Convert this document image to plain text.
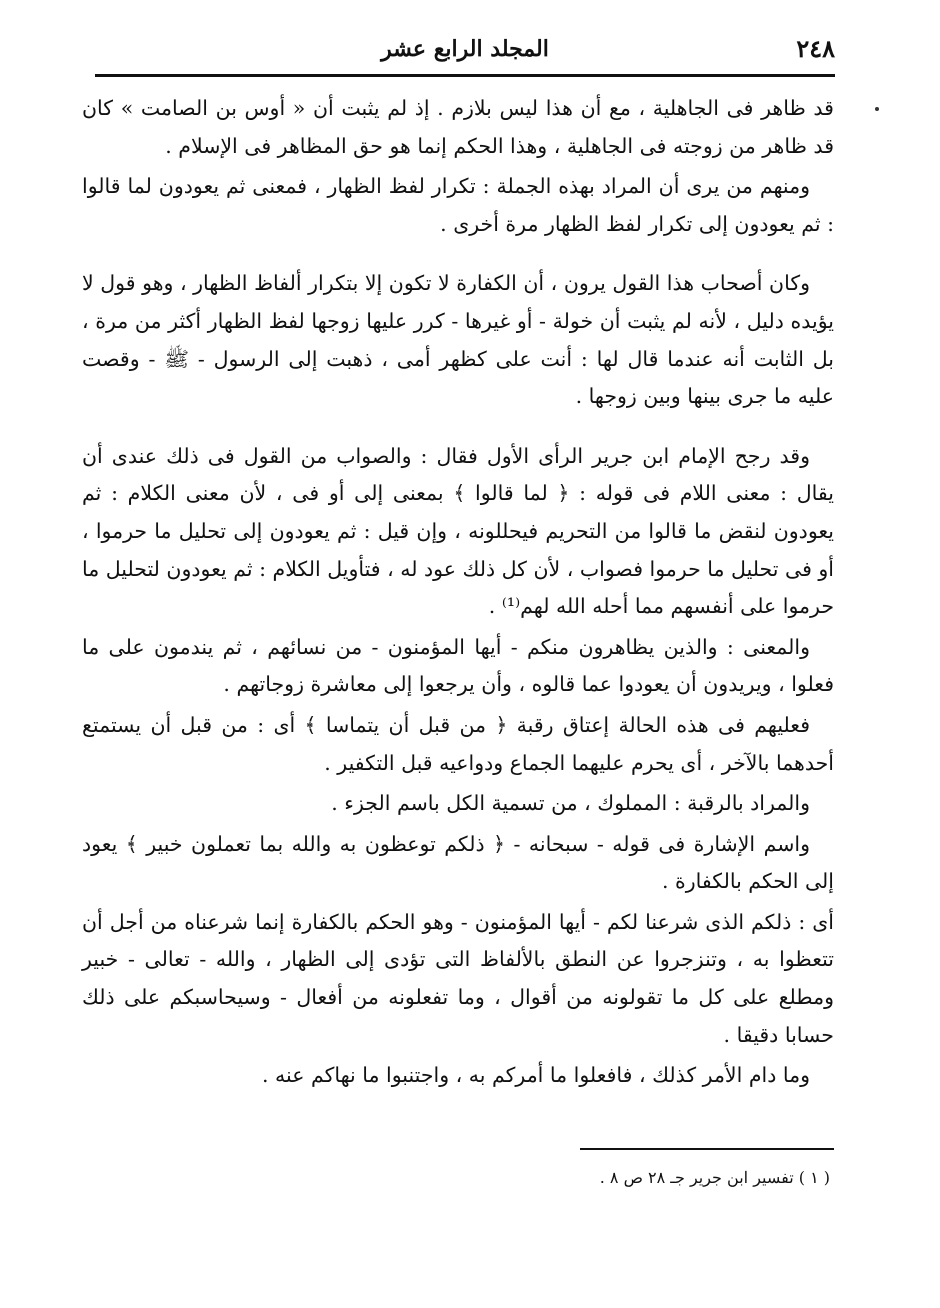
٢٤٨
المجلد الرابع عشر

قد ظاهر فى الجاهلية ، مع أن هذا ليس بلازم . إذ لم يثبت أن « أوس بن الصامت » كان قد ظاهر من زوجته فى الجاهلية ، وهذا الحكم إنما هو حق المظاهر فى الإسلام .

ومنهم من يرى أن المراد بهذه الجملة : تكرار لفظ الظهار ، فمعنى ثم يعودون لما قالوا : ثم يعودون إلى تكرار لفظ الظهار مرة أخرى .

وكان أصحاب هذا القول يرون ، أن الكفارة لا تكون إلا بتكرار ألفاظ الظهار ، وهو قول لا يؤيده دليل ، لأنه لم يثبت أن خولة - أو غيرها - كرر عليها زوجها لفظ الظهار أكثر من مرة ، بل الثابت أنه عندما قال لها : أنت على كظهر أمى ، ذهبت إلى الرسول - ﷺ - وقصت عليه ما جرى بينها وبين زوجها .

وقد رجح الإمام ابن جرير الرأى الأول فقال : والصواب من القول فى ذلك عندى أن يقال : معنى اللام فى قوله : ﴿ لما قالوا ﴾ بمعنى إلى أو فى ، لأن معنى الكلام : ثم يعودون لنقض ما قالوا من التحريم فيحللونه ، وإن قيل : ثم يعودون إلى تحليل ما حرموا ، أو فى تحليل ما حرموا فصواب ، لأن كل ذلك عود له ، فتأويل الكلام : ثم يعودون لتحليل ما حرموا على أنفسهم مما أحله الله لهم⁽¹⁾ .

والمعنى : والذين يظاهرون منكم - أيها المؤمنون - من نسائهم ، ثم يندمون على ما فعلوا ، ويريدون أن يعودوا عما قالوه ، وأن يرجعوا إلى معاشرة زوجاتهم .

فعليهم فى هذه الحالة إعتاق رقبة ﴿ من قبل أن يتماسا ﴾ أى : من قبل أن يستمتع أحدهما بالآخر ، أى يحرم عليهما الجماع ودواعيه قبل التكفير .

والمراد بالرقبة : المملوك ، من تسمية الكل باسم الجزء .

واسم الإشارة فى قوله - سبحانه - ﴿ ذلكم توعظون به والله بما تعملون خبير ﴾ يعود إلى الحكم بالكفارة .

أى : ذلكم الذى شرعنا لكم - أيها المؤمنون - وهو الحكم بالكفارة إنما شرعناه من أجل أن تتعظوا به ، وتنزجروا عن النطق بالألفاظ التى تؤدى إلى الظهار ، والله - تعالى - خبير ومطلع على كل ما تقولونه من أقوال ، وما تفعلونه من أفعال - وسيحاسبكم على ذلك حسابا دقيقا .

وما دام الأمر كذلك ، فافعلوا ما أمركم به ، واجتنبوا ما نهاكم عنه .

( ١ ) تفسير ابن جرير جـ ٢٨ ص ٨ .
